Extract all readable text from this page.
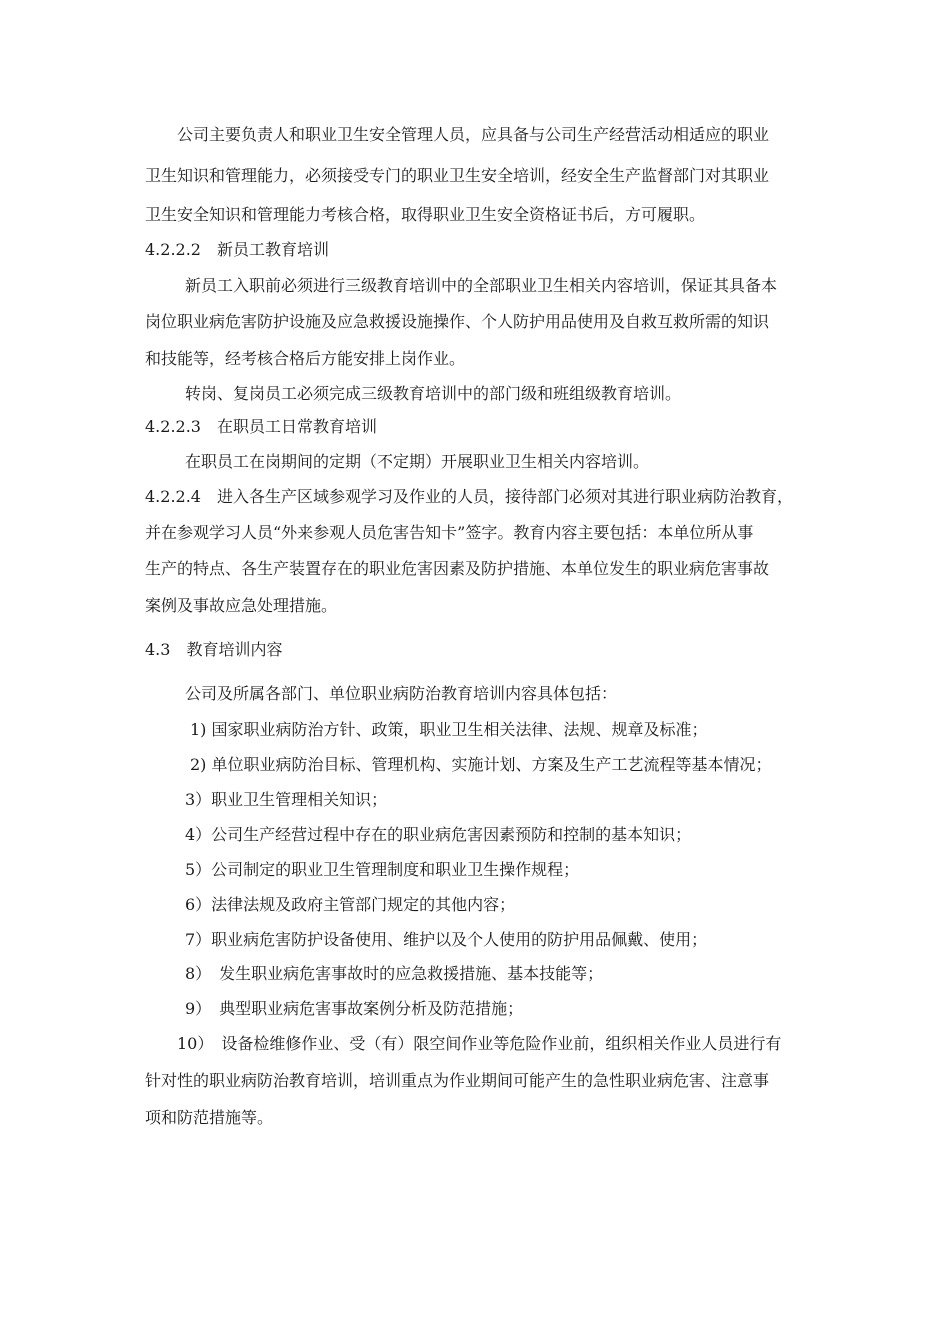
公司主要负责人和职业卫生安全管理人员，应具备与公司生产经营活动相适应的职业
卫生知识和管理能力，必须接受专门的职业卫生安全培训，经安全生产监督部门对其职业
卫生安全知识和管理能力考核合格，取得职业卫生安全资格证书后，方可履职。
4.2.2.2　新员工教育培训
新员工入职前必须进行三级教育培训中的全部职业卫生相关内容培训，保证其具备本
岗位职业病危害防护设施及应急救援设施操作、个人防护用品使用及自救互救所需的知识
和技能等，经考核合格后方能安排上岗作业。
转岗、复岗员工必须完成三级教育培训中的部门级和班组级教育培训。
4.2.2.3　在职员工日常教育培训
在职员工在岗期间的定期（不定期）开展职业卫生相关内容培训。
4.2.2.4　进入各生产区域参观学习及作业的人员，接待部门必须对其进行职业病防治教育，
并在参观学习人员“外来参观人员危害告知卡”签字。教育内容主要包括：本单位所从事
生产的特点、各生产装置存在的职业危害因素及防护措施、本单位发生的职业病危害事故
案例及事故应急处理措施。
4.3　教育培训内容
公司及所属各部门、单位职业病防治教育培训内容具体包括：
1) 国家职业病防治方针、政策，职业卫生相关法律、法规、规章及标准；
2) 单位职业病防治目标、管理机构、实施计划、方案及生产工艺流程等基本情况；
3）职业卫生管理相关知识；
4）公司生产经营过程中存在的职业病危害因素预防和控制的基本知识；
5）公司制定的职业卫生管理制度和职业卫生操作规程；
6）法律法规及政府主管部门规定的其他内容；
7）职业病危害防护设备使用、维护以及个人使用的防护用品佩戴、使用；
8）　发生职业病危害事故时的应急救援措施、基本技能等；
9）　典型职业病危害事故案例分析及防范措施；
10）　设备检维修作业、受（有）限空间作业等危险作业前，组织相关作业人员进行有
针对性的职业病防治教育培训，培训重点为作业期间可能产生的急性职业病危害、注意事
项和防范措施等。
